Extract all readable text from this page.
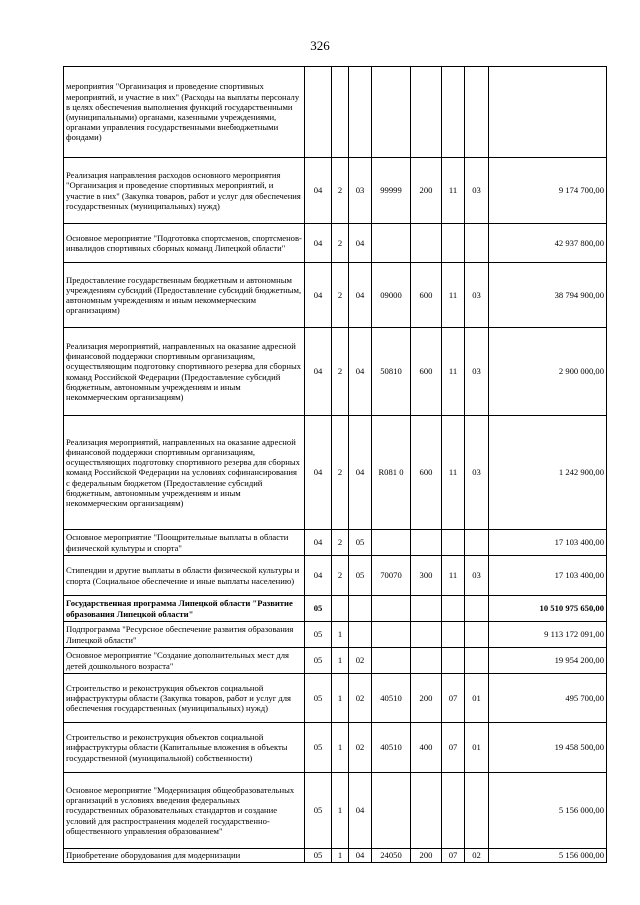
326
мероприятия "Организация и проведение спортивных мероприятий, и участие в них" (Расходы на выплаты персоналу в целях обеспечения выполнения функций государственными (муниципальными) органами, казенными учреждениями, органами управления государственными внебюджетными фондами)								
Реализация направления расходов основного мероприятия "Организация и проведение спортивных мероприятий, и участие в них" (Закупка товаров, работ и услуг для обеспечения государственных (муниципальных) нужд)	04	2	03	99999	200	11	03	9 174 700,00
Основное мероприятие "Подготовка спортсменов, спортсменов-инвалидов спортивных сборных команд Липецкой области"	04	2	04					42 937 800,00
Предоставление государственным бюджетным и автономным учреждениям субсидий (Предоставление субсидий бюджетным, автономным учреждениям и иным некоммерческим организациям)	04	2	04	09000	600	11	03	38 794 900,00
Реализация мероприятий, направленных на оказание адресной финансовой поддержки спортивным организациям, осуществляющим подготовку спортивного резерва для сборных команд Российской Федерации (Предоставление субсидий бюджетным, автономным учреждениям и иным некоммерческим организациям)	04	2	04	50810	600	11	03	2 900 000,00
Реализация мероприятий, направленных на оказание адресной финансовой поддержки спортивным организациям, осуществляющих подготовку спортивного резерва для сборных команд Российской Федерации на условиях софинансирования с федеральным бюджетом (Предоставление субсидий бюджетным, автономным учреждениям и иным некоммерческим организациям)	04	2	04	R081 0	600	11	03	1 242 900,00
Основное мероприятие "Поощрительные выплаты в области физической культуры и спорта"	04	2	05					17 103 400,00
Стипендии и другие выплаты в области физической культуры и спорта (Социальное обеспечение и иные выплаты населению)	04	2	05	70070	300	11	03	17 103 400,00
Государственная программа Липецкой области "Развитие образования Липецкой области"	05							10 510 975 650,00
Подпрограмма "Ресурсное обеспечение развития образования Липецкой области"	05	1						9 113 172 091,00
Основное мероприятие "Создание дополнительных мест для детей дошкольного возраста"	05	1	02					19 954 200,00
Строительство и реконструкция объектов социальной инфраструктуры области (Закупка товаров, работ и услуг для обеспечения государственных (муниципальных) нужд)	05	1	02	40510	200	07	01	495 700,00
Строительство и реконструкция объектов социальной инфраструктуры области (Капитальные вложения в объекты государственной (муниципальной) собственности)	05	1	02	40510	400	07	01	19 458 500,00
Основное мероприятие "Модернизация общеобразовательных организаций в условиях введения федеральных государственных образовательных стандартов и создание условий для распространения моделей государственно-общественного управления образованием"	05	1	04					5 156 000,00
Приобретение оборудования для модернизации	05	1	04	24050	200	07	02	5 156 000,00
